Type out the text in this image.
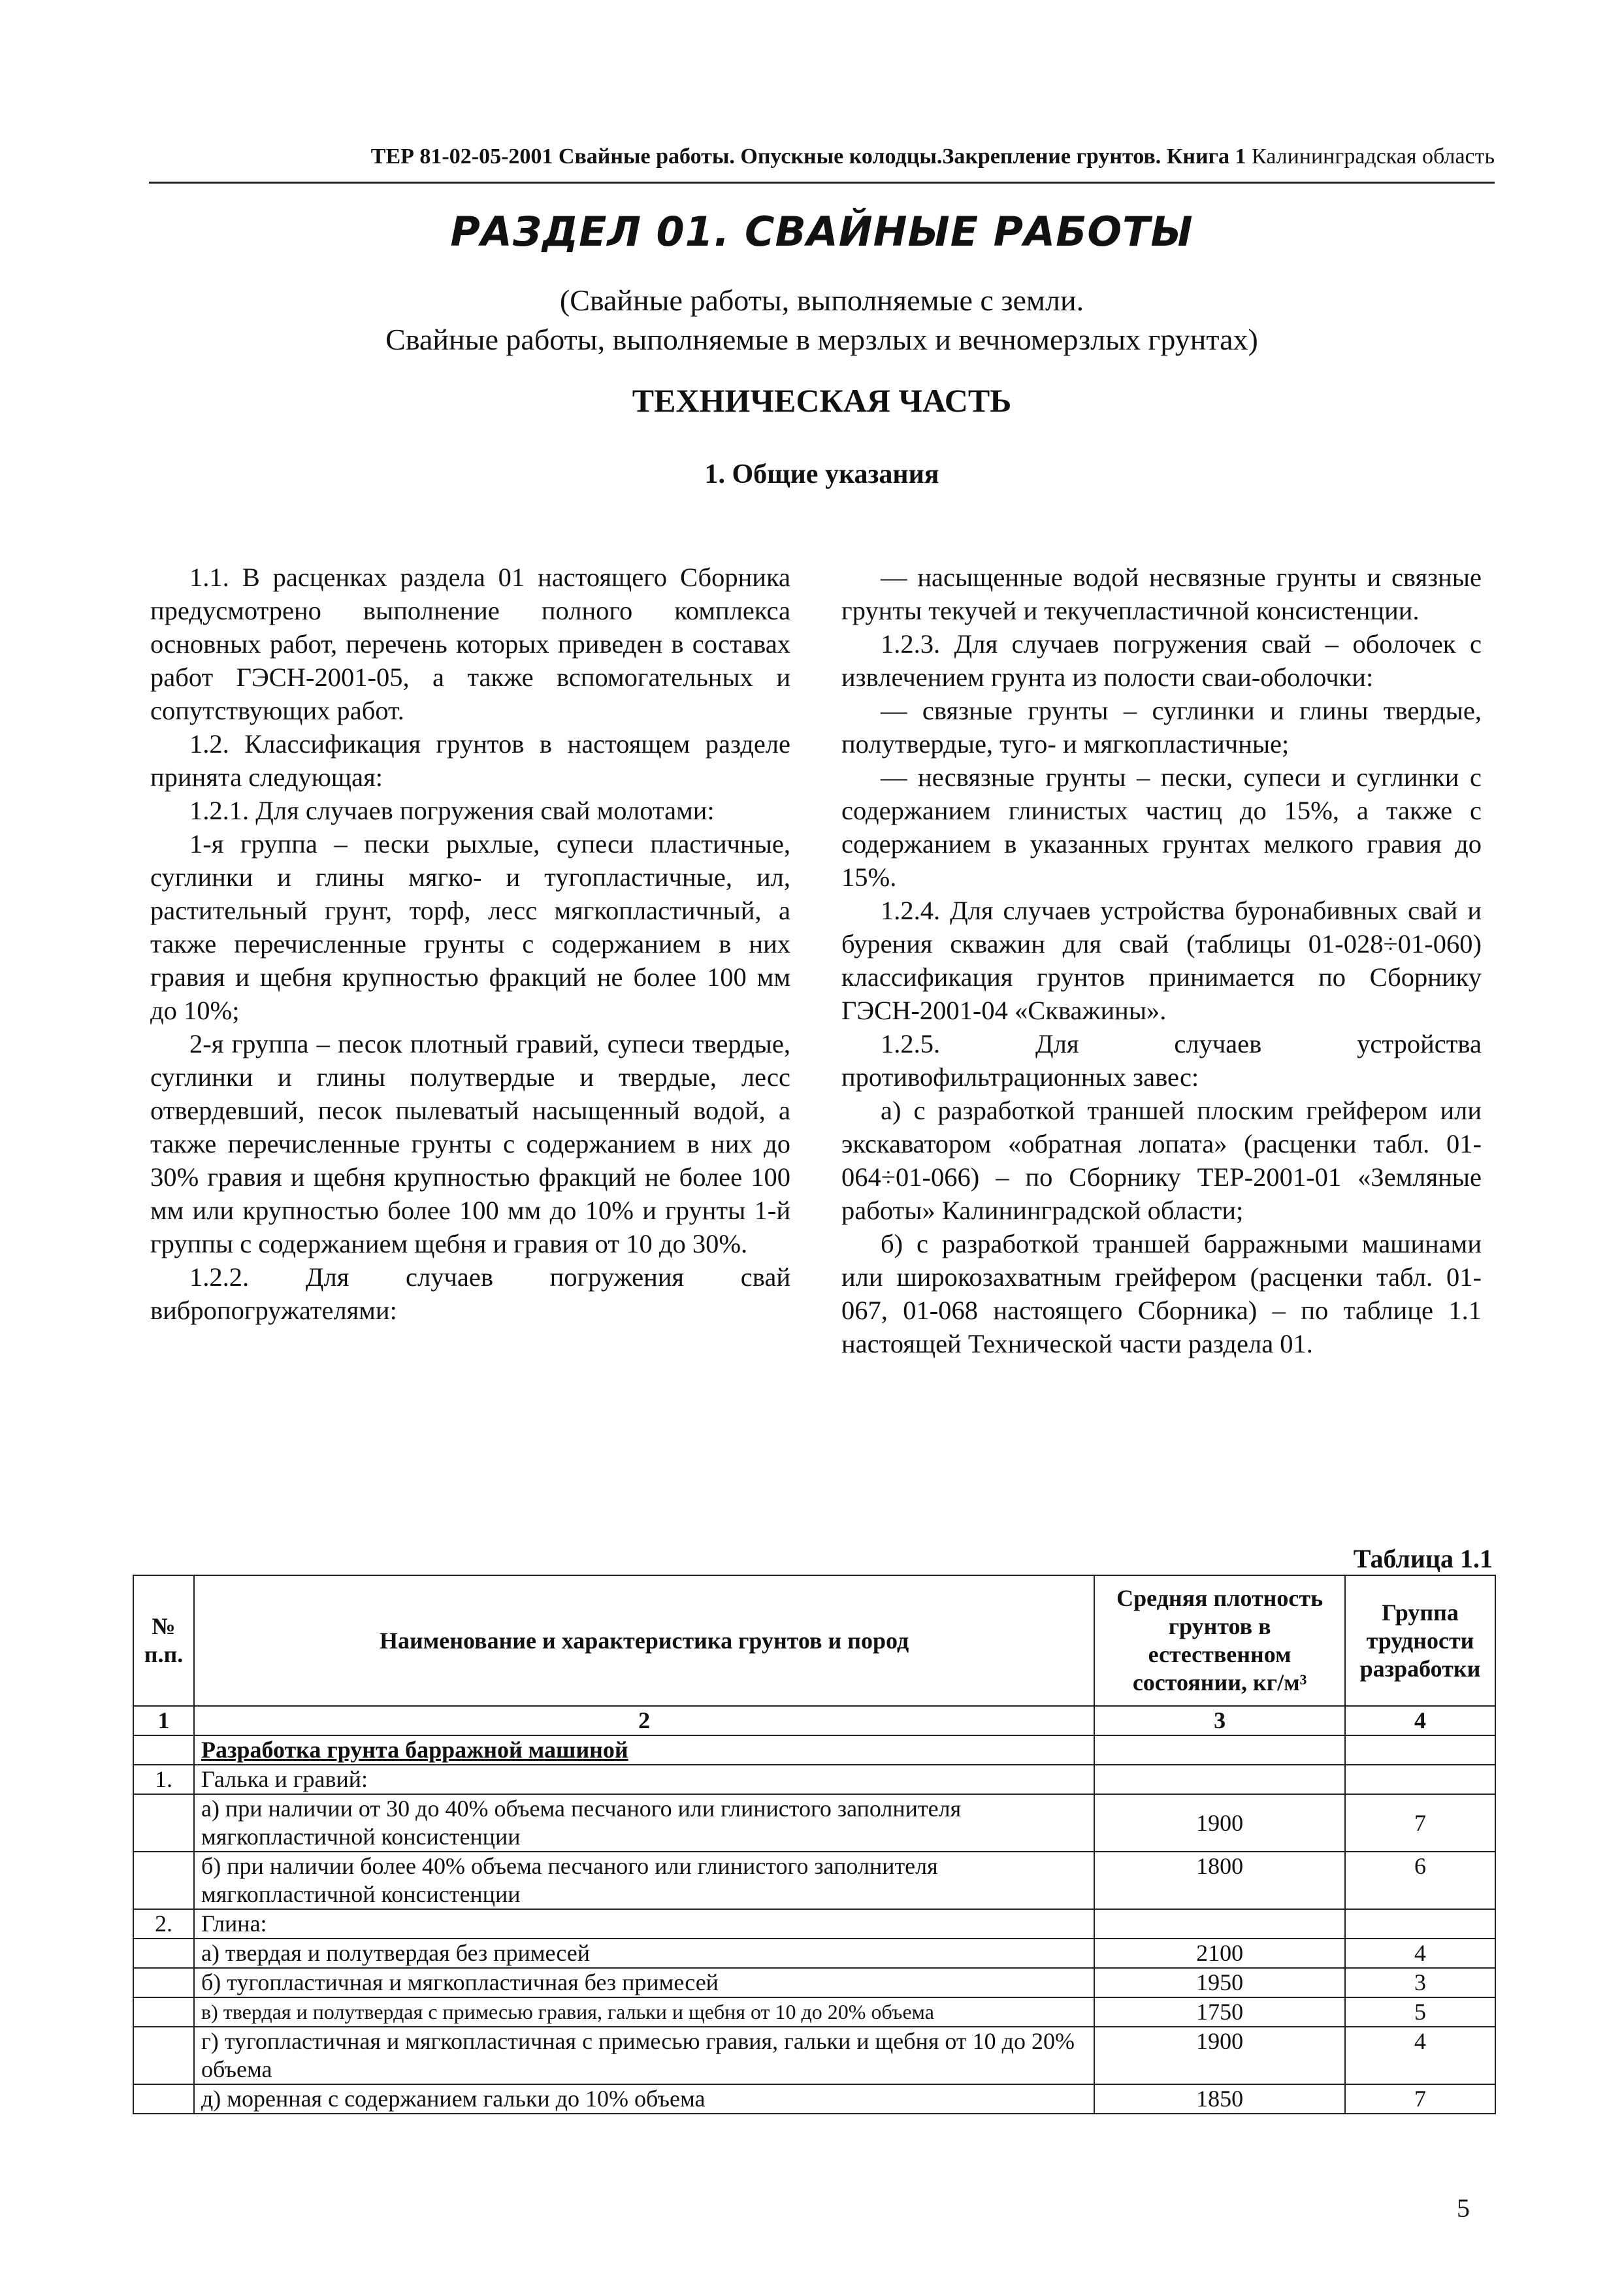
ТЕР 81-02-05-2001 Свайные работы. Опускные колодцы.Закрепление грунтов. Книга 1 Калининградская область
РАЗДЕЛ 01. СВАЙНЫЕ РАБОТЫ
(Свайные работы, выполняемые с земли.
Свайные работы, выполняемые в мерзлых и вечномерзлых грунтах)
ТЕХНИЧЕСКАЯ ЧАСТЬ
1. Общие указания

1.1. В расценках раздела 01 настоящего Сборника предусмотрено выполнение полного комплекса основных работ, перечень которых приведен в составах работ ГЭСН-2001-05, а также вспомогательных и сопутствующих работ.

1.2. Классификация грунтов в настоящем разделе принята следующая:

1.2.1. Для случаев погружения свай молотами:

1-я группа – пески рыхлые, супеси пластичные, суглинки и глины мягко- и тугопластичные, ил, растительный грунт, торф, лесс мягкопластичный, а также перечисленные грунты с содержанием в них гравия и щебня крупностью фракций не более 100 мм до 10%;

2-я группа – песок плотный гравий, супеси твердые, суглинки и глины полутвердые и твердые, лесс отвердевший, песок пылеватый насыщенный водой, а также перечисленные грунты с содержанием в них до 30% гравия и щебня крупностью фракций не более 100 мм или крупностью более 100 мм до 10% и грунты 1-й группы с содержанием щебня и гравия от 10 до 30%.

1.2.2. Для случаев погружения свай вибропогружателями:

— насыщенные водой несвязные грунты и связные грунты текучей и текучепластичной консистенции.

1.2.3. Для случаев погружения свай – оболочек с извлечением грунта из полости сваи-оболочки:

— связные грунты – суглинки и глины твердые, полутвердые, туго- и мягкопластичные;

— несвязные грунты – пески, супеси и суглинки с содержанием глинистых частиц до 15%, а также с содержанием в указанных грунтах мелкого гравия до 15%.

1.2.4. Для случаев устройства буронабивных свай и бурения скважин для свай (таблицы 01-028÷01-060) классификация грунтов принимается по Сборнику ГЭСН-2001-04 «Скважины».

1.2.5. Для случаев устройства противофильтрационных завес:

а) с разработкой траншей плоским грейфером или экскаватором «обратная лопата» (расценки табл. 01-064÷01-066) – по Сборнику ТЕР-2001-01 «Земляные работы» Калининградской области;

б) с разработкой траншей барражными машинами или широкозахватным грейфером (расценки табл. 01-067, 01-068 настоящего Сборника) – по таблице 1.1 настоящей Технической части раздела 01.

Таблица 1.1
№ п.п.	Наименование и характеристика грунтов и пород	Средняя плотность грунтов в естественном состоянии, кг/м³	Группа трудности разработки
1	2	3	4
	Разработка грунта барражной машиной		
1.	Галька и гравий:		
	а) при наличии от 30 до 40% объема песчаного или глинистого заполнителя мягкопластичной консистенции	1900	7
	б) при наличии более 40% объема песчаного или глинистого заполнителя мягкопластичной консистенции	1800	6
2.	Глина:		
	а) твердая и полутвердая без примесей	2100	4
	б) тугопластичная и мягкопластичная без примесей	1950	3
	в) твердая и полутвердая с примесью гравия, гальки и щебня от 10 до 20% объема	1750	5
	г) тугопластичная и мягкопластичная с примесью гравия, гальки и щебня от 10 до 20% объема	1900	4
	д) моренная с содержанием гальки до 10% объема	1850	7
5
